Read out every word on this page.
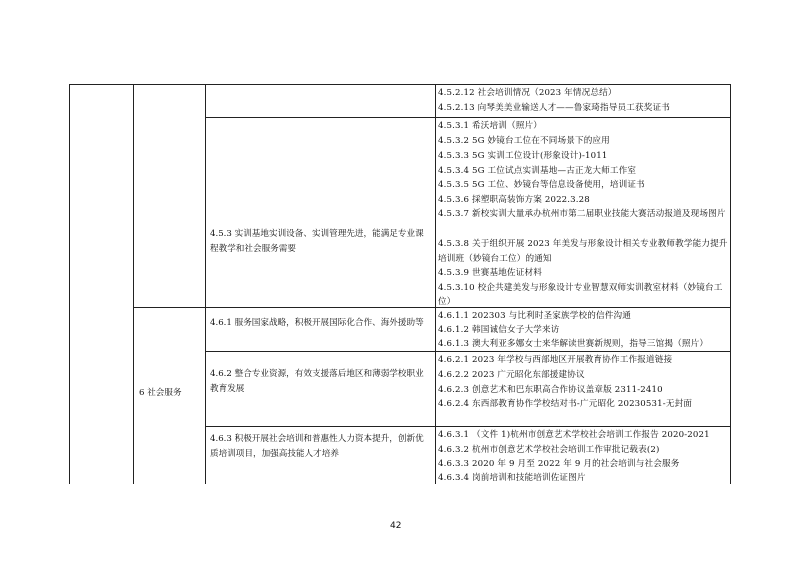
4.5.2.12 社会培训情况（2023 年情况总结）
4.5.2.13 向琴美美业输送人才——鲁家琦指导员工获奖证书
4.5.3 实训基地实训设备、实训管理先进，能满足专业课程教学和社会服务需要
4.5.3.1 希沃培训（照片）
4.5.3.2 5G 妙镜台工位在不同场景下的应用
4.5.3.3 5G 实训工位设计(形象设计)-1011
4.5.3.4 5G 工位试点实训基地—古正龙大师工作室
4.5.3.5 5G 工位、妙镜台等信息设备使用，培训证书
4.5.3.6 採塑职高装饰方案 2022.3.28
4.5.3.7 新校实训大量承办杭州市第二届职业技能大赛活动报道及现场图片
4.5.3.8 关于组织开展 2023 年美发与形象设计相关专业教师教学能力提升培训班（妙镜台工位）的通知
4.5.3.9 世赛基地佐证材料
4.5.3.10 校企共建美发与形象设计专业智慧双师实训教室材料（妙镜台工位）
6 社会服务
4.6.1 服务国家战略，积极开展国际化合作、海外援助等
4.6.1.1 202303 与比利时圣家族学校的信件沟通
4.6.1.2 韩国诚信女子大学来访
4.6.1.3 澳大利亚多娜女士来华解读世赛新规则，指导三馆揭（照片）
4.6.2 整合专业资源，有效支援落后地区和薄弱学校职业教育发展
4.6.2.1 2023 年学校与西部地区开展教育协作工作报道链接
4.6.2.2 2023 广元昭化东部援建协议
4.6.2.3 创意艺术和巴东职高合作协议盖章版 2311-2410
4.6.2.4 东西部教育协作学校结对书-广元昭化 20230531-无封面
4.6.3 积极开展社会培训和普惠性人力资本提升，创新优质培训项目，加强高技能人才培养
4.6.3.1 （文件 1)杭州市创意艺术学校社会培训工作报告 2020-2021
4.6.3.2 杭州市创意艺术学校社会培训工作审批记载表(2)
4.6.3.3 2020 年 9 月至 2022 年 9 月的社会培训与社会服务
4.6.3.4 岗前培训和技能培训佐证图片
42
